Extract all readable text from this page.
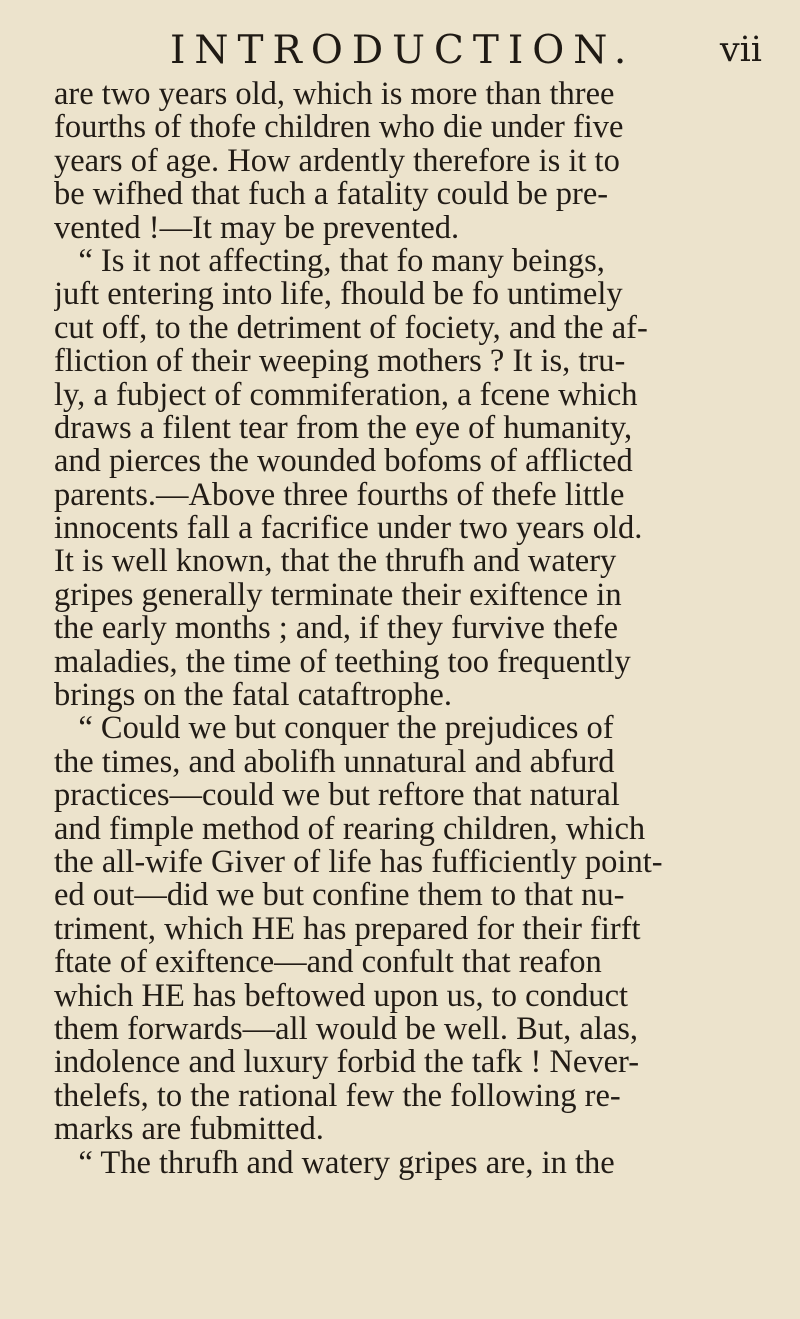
INTRODUCTION. vii
are two years old, which is more than three
fourths of thofe children who die under five
years of age. How ardently therefore is it to
be wifhed that fuch a fatality could be pre-
vented !—It may be prevented.
“ Is it not affecting, that fo many beings,
juft entering into life, fhould be fo untimely
cut off, to the detriment of fociety, and the af-
fliction of their weeping mothers ? It is, tru-
ly, a fubject of commiferation, a fcene which
draws a filent tear from the eye of humanity,
and pierces the wounded bofoms of afflicted
parents.—Above three fourths of thefe little
innocents fall a facrifice under two years old.
It is well known, that the thrufh and watery
gripes generally terminate their exiftence in
the early months ; and, if they furvive thefe
maladies, the time of teething too frequently
brings on the fatal cataftrophe.
“ Could we but conquer the prejudices of
the times, and abolifh unnatural and abfurd
practices—could we but reftore that natural
and fimple method of rearing children, which
the all-wife Giver of life has fufficiently point-
ed out—did we but confine them to that nu-
triment, which HE has prepared for their firft
ftate of exiftence—and confult that reafon
which HE has beftowed upon us, to conduct
them forwards—all would be well. But, alas,
indolence and luxury forbid the tafk ! Never-
thelefs, to the rational few the following re-
marks are fubmitted.
“ The thrufh and watery gripes are, in the
